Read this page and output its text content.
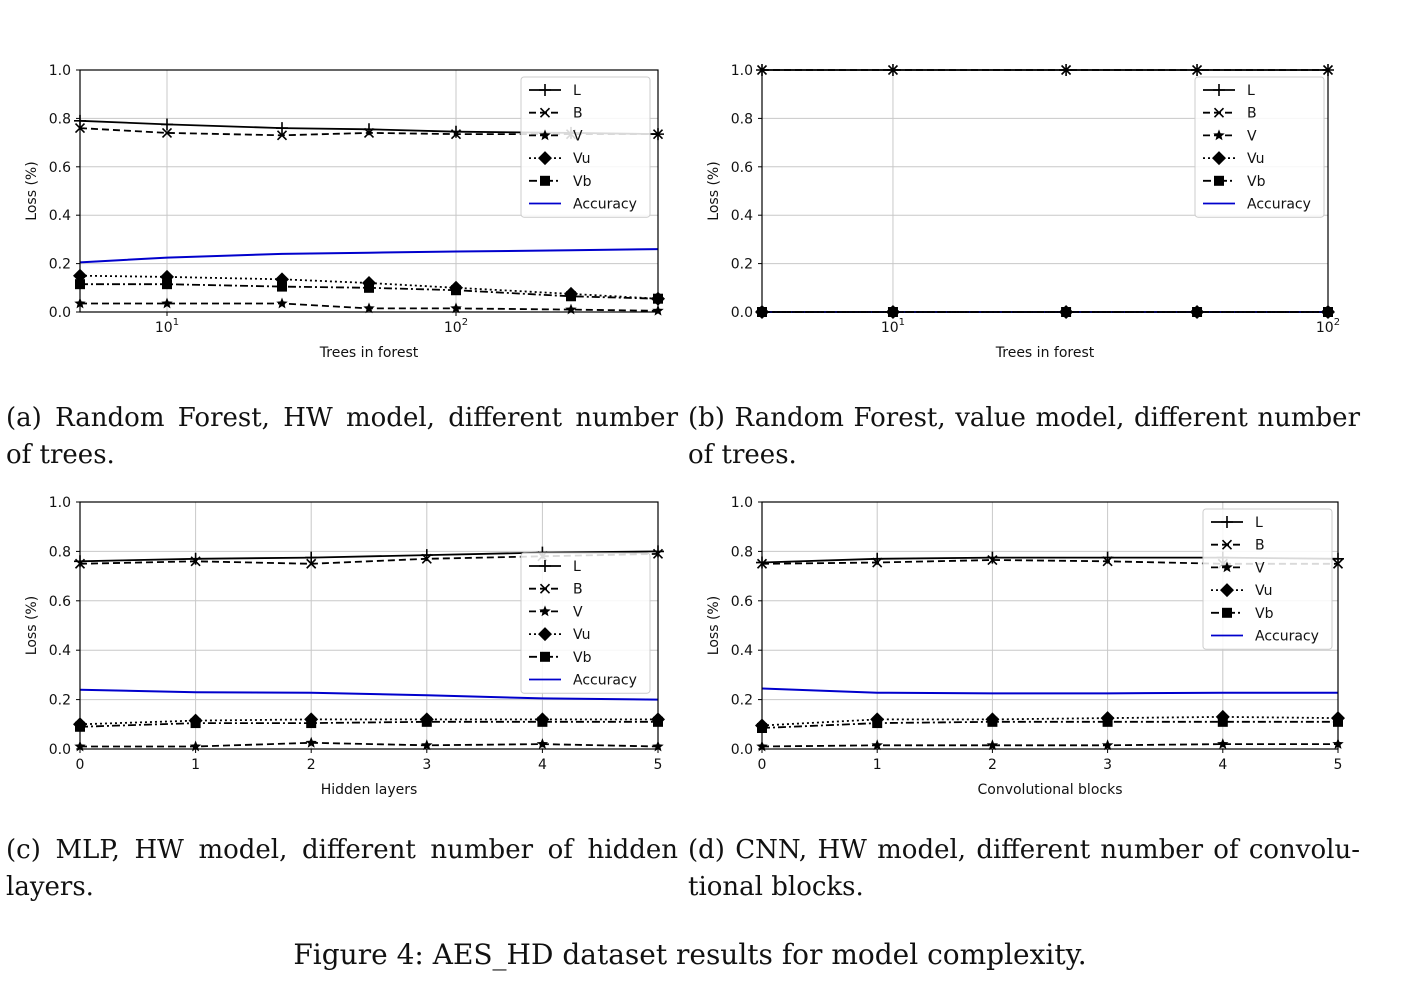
0.0
0.2
0.4
0.6
0.8
1.0
$10^1$	$10^2$
Trees in forest
Loss (%)
L
B
V
Vu
Vb
Accuracy

(a) Random Forest, HW model, different number of trees.

0.0
0.2
0.4
0.6
0.8
1.0
$10^1$	$10^2$
Trees in forest
Loss (%)
L
B
V
Vu
Vb
Accuracy

(b) Random Forest, value model, different number of trees.

0.0
0.2
0.4
0.6
0.8
1.0
0	1	2	3	4	5
Hidden layers
Loss (%)
L
B
V
Vu
Vb
Accuracy

(c) MLP, HW model, different number of hidden layers.

0.0
0.2
0.4
0.6
0.8
1.0
0	1	2	3	4	5
Convolutional blocks
Loss (%)
L
B
V
Vu
Vb
Accuracy

(d) CNN, HW model, different number of convolu- tional blocks.

Figure 4: AES_HD dataset results for model complexity.
